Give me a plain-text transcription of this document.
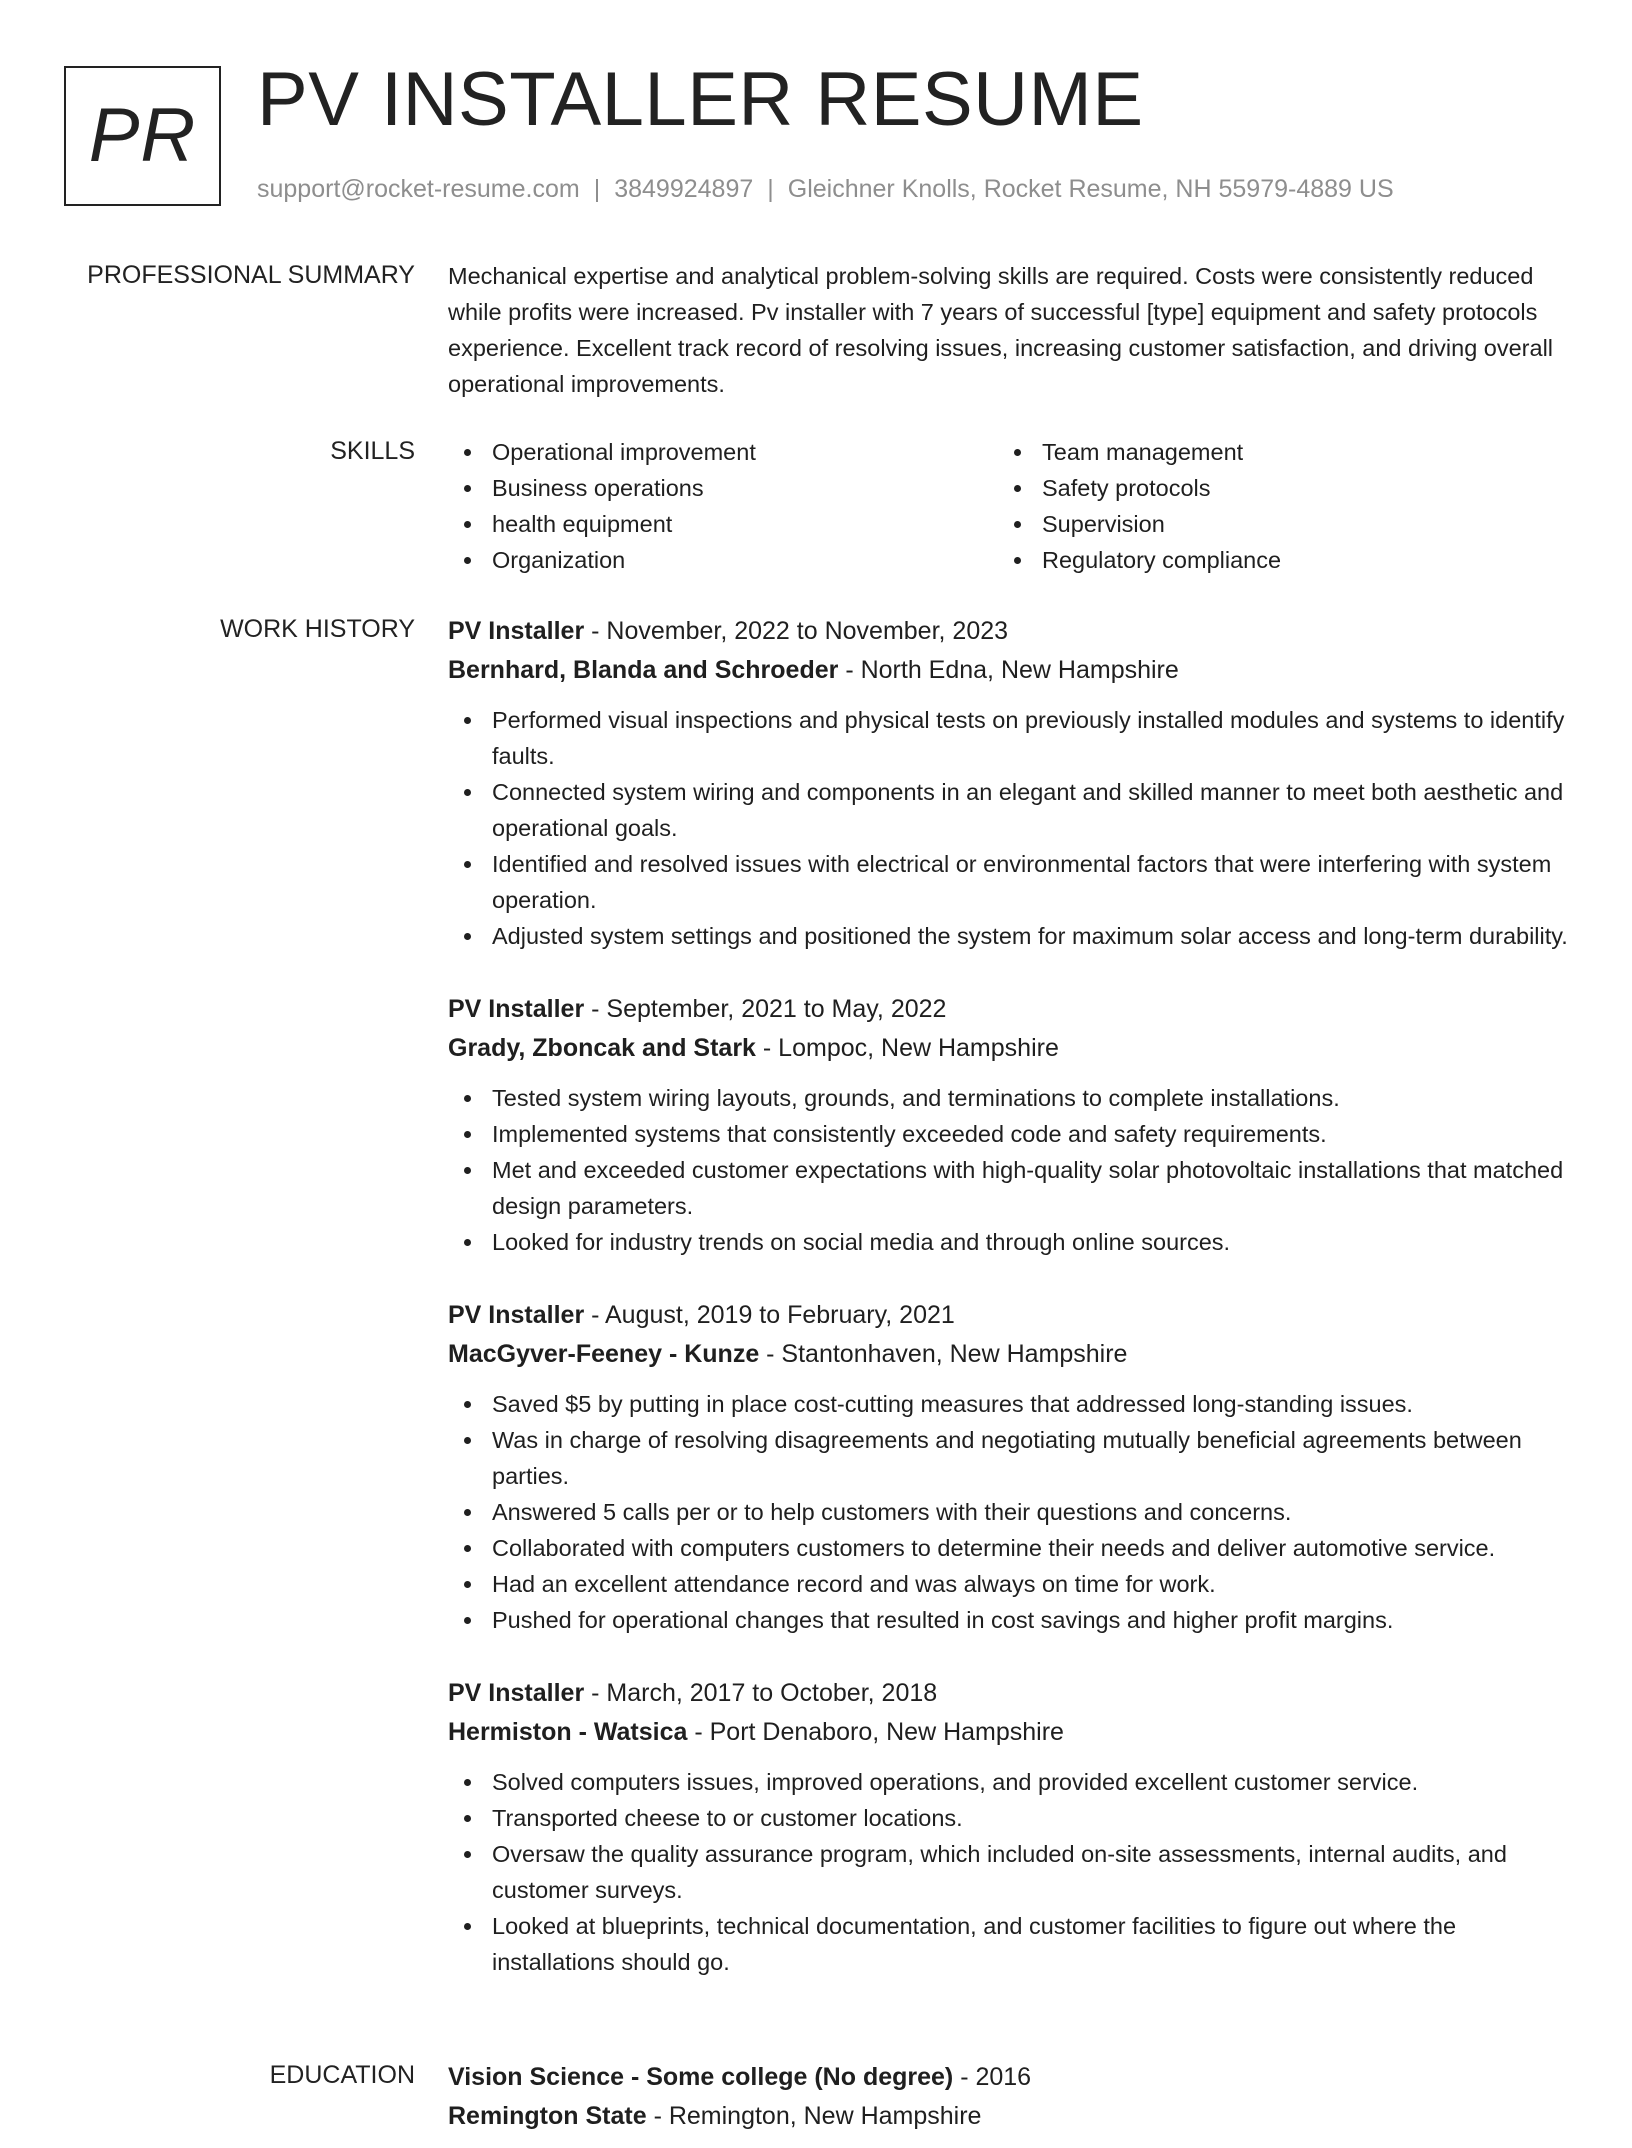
PR PV INSTALLER RESUME
support@rocket-resume.com | 3849924897 | Gleichner Knolls, Rocket Resume, NH 55979-4889 US
PROFESSIONAL SUMMARY Mechanical expertise and analytical problem-solving skills are required. Costs were consistently reduced while profits were increased. Pv installer with 7 years of successful [type] equipment and safety protocols experience. Excellent track record of resolving issues, increasing customer satisfaction, and driving overall operational improvements.

SKILLS	Operational improvement
Business operations
health equipment
Organization
Team management
Safety protocols
Supervision
Regulatory compliance
WORK HISTORY PV Installer - November, 2022 to November, 2023
Bernhard, Blanda and Schroeder - North Edna, New Hampshire
Performed visual inspections and physical tests on previously installed modules and systems to identify faults.
Connected system wiring and components in an elegant and skilled manner to meet both aesthetic and operational goals.
Identified and resolved issues with electrical or environmental factors that were interfering with system operation.
Adjusted system settings and positioned the system for maximum solar access and long-term durability.
PV Installer - September, 2021 to May, 2022
Grady, Zboncak and Stark - Lompoc, New Hampshire
Tested system wiring layouts, grounds, and terminations to complete installations.
Implemented systems that consistently exceeded code and safety requirements.
Met and exceeded customer expectations with high-quality solar photovoltaic installations that matched design parameters.
Looked for industry trends on social media and through online sources.
PV Installer - August, 2019 to February, 2021
MacGyver-Feeney - Kunze - Stantonhaven, New Hampshire
Saved $5 by putting in place cost-cutting measures that addressed long-standing issues.
Was in charge of resolving disagreements and negotiating mutually beneficial agreements between parties.
Answered 5 calls per or to help customers with their questions and concerns.
Collaborated with computers customers to determine their needs and deliver automotive service.
Had an excellent attendance record and was always on time for work.
Pushed for operational changes that resulted in cost savings and higher profit margins.
PV Installer - March, 2017 to October, 2018
Hermiston - Watsica - Port Denaboro, New Hampshire
Solved computers issues, improved operations, and provided excellent customer service.
Transported cheese to or customer locations.
Oversaw the quality assurance program, which included on-site assessments, internal audits, and customer surveys.
Looked at blueprints, technical documentation, and customer facilities to figure out where the installations should go.
EDUCATION Vision Science - Some college (No degree) - 2016
Remington State - Remington, New Hampshire
